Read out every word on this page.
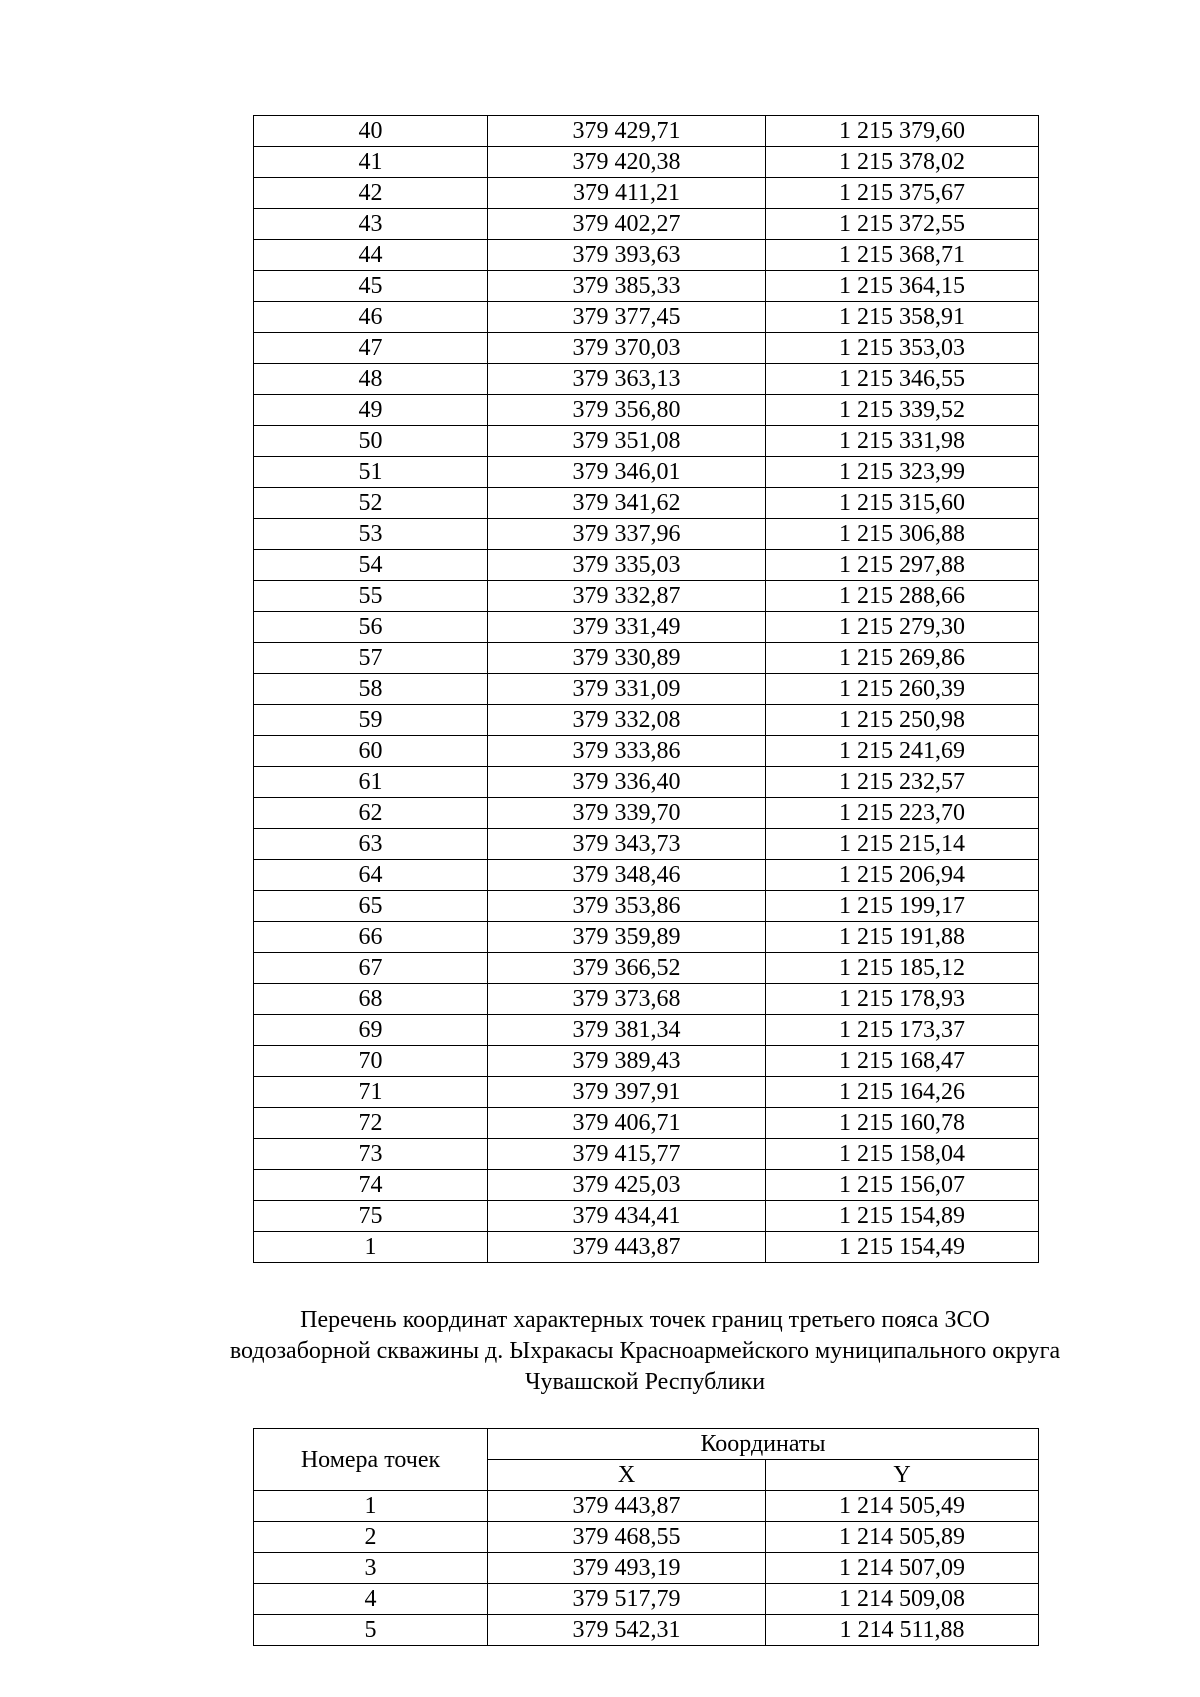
40	379 429,71	1 215 379,60
41	379 420,38	1 215 378,02
42	379 411,21	1 215 375,67
43	379 402,27	1 215 372,55
44	379 393,63	1 215 368,71
45	379 385,33	1 215 364,15
46	379 377,45	1 215 358,91
47	379 370,03	1 215 353,03
48	379 363,13	1 215 346,55
49	379 356,80	1 215 339,52
50	379 351,08	1 215 331,98
51	379 346,01	1 215 323,99
52	379 341,62	1 215 315,60
53	379 337,96	1 215 306,88
54	379 335,03	1 215 297,88
55	379 332,87	1 215 288,66
56	379 331,49	1 215 279,30
57	379 330,89	1 215 269,86
58	379 331,09	1 215 260,39
59	379 332,08	1 215 250,98
60	379 333,86	1 215 241,69
61	379 336,40	1 215 232,57
62	379 339,70	1 215 223,70
63	379 343,73	1 215 215,14
64	379 348,46	1 215 206,94
65	379 353,86	1 215 199,17
66	379 359,89	1 215 191,88
67	379 366,52	1 215 185,12
68	379 373,68	1 215 178,93
69	379 381,34	1 215 173,37
70	379 389,43	1 215 168,47
71	379 397,91	1 215 164,26
72	379 406,71	1 215 160,78
73	379 415,77	1 215 158,04
74	379 425,03	1 215 156,07
75	379 434,41	1 215 154,89
1	379 443,87	1 215 154,49
Перечень координат характерных точек границ третьего пояса ЗСО
водозаборной скважины д. Ыхракасы Красноармейского муниципального округа
Чувашской Республики
Номера точек	Координаты	
	X	Y
1	379 443,87	1 214 505,49
2	379 468,55	1 214 505,89
3	379 493,19	1 214 507,09
4	379 517,79	1 214 509,08
5	379 542,31	1 214 511,88
